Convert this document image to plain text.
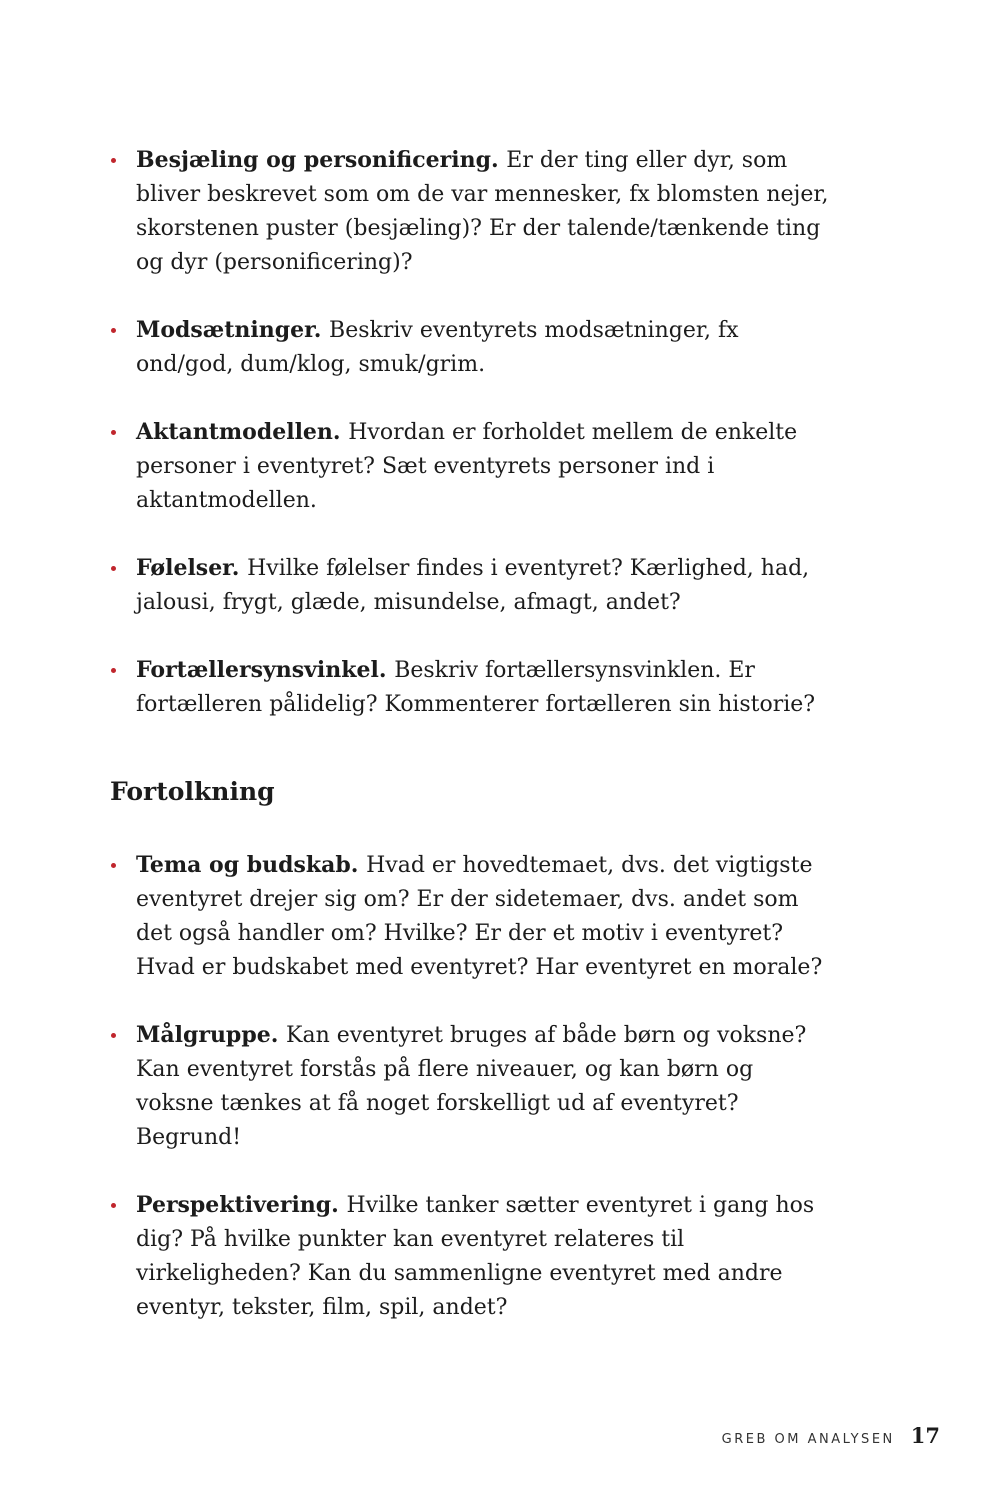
Besjæling og personificering. Er der ting eller dyr, som bliver beskrevet som om de var mennesker, fx blomsten nejer, skorstenen puster (besjæling)? Er der talende/tænkende ting og dyr (personificering)?
Modsætninger. Beskriv eventyrets modsætninger, fx ond/god, dum/klog, smuk/grim.
Aktantmodellen. Hvordan er forholdet mellem de enkelte personer i eventyret? Sæt eventyrets personer ind i aktantmodellen.
Følelser. Hvilke følelser findes i eventyret? Kærlighed, had, jalousi, frygt, glæde, misundelse, afmagt, andet?
Fortællersynsvinkel. Beskriv fortællersynsvinklen. Er fortælleren pålidelig? Kommenterer fortælleren sin historie?
Fortolkning
Tema og budskab. Hvad er hovedtemaet, dvs. det vigtigste eventyret drejer sig om? Er der sidetemaer, dvs. andet som det også handler om? Hvilke? Er der et motiv i eventyret? Hvad er budskabet med eventyret? Har eventyret en morale?
Målgruppe. Kan eventyret bruges af både børn og voksne? Kan eventyret forstås på flere niveauer, og kan børn og voksne tænkes at få noget forskelligt ud af eventyret? Begrund!
Perspektivering. Hvilke tanker sætter eventyret i gang hos dig? På hvilke punkter kan eventyret relateres til virkeligheden? Kan du sammenligne eventyret med andre eventyr, tekster, film, spil, andet?
GREB OM ANALYSEN 17
